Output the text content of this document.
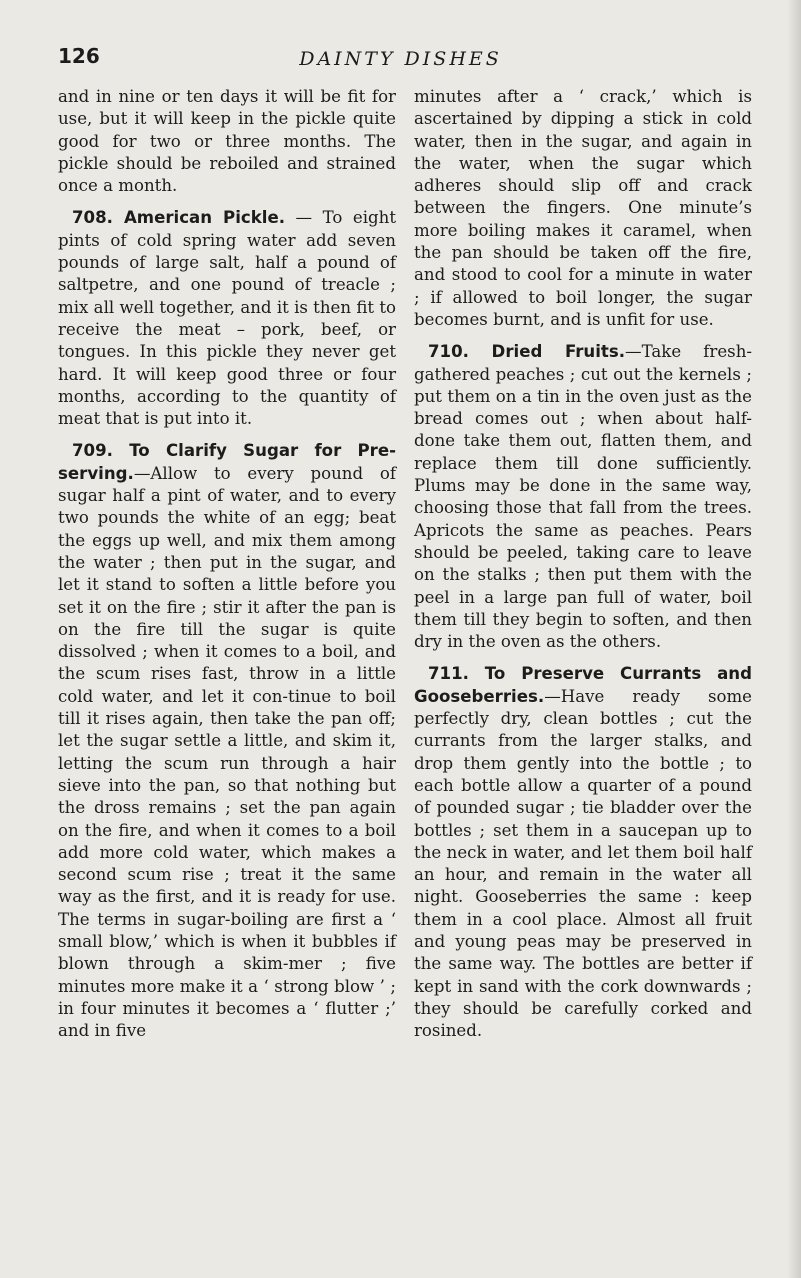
126	DAINTY DISHES

and in nine or ten days it will be fit for use, but it will keep in the pickle quite good for two or three months. The pickle should be reboiled and strained once a month.

708. American Pickle. — To eight pints of cold spring water add seven pounds of large salt, half a pound of saltpetre, and one pound of treacle ; mix all well together, and it is then fit to receive the meat – pork, beef, or tongues. In this pickle they never get hard. It will keep good three or four months, according to the quantity of meat that is put into it.

709. To Clarify Sugar for Pre-serving.—Allow to every pound of sugar half a pint of water, and to every two pounds the white of an egg; beat the eggs up well, and mix them among the water ; then put in the sugar, and let it stand to soften a little before you set it on the fire ; stir it after the pan is on the fire till the sugar is quite dissolved ; when it comes to a boil, and the scum rises fast, throw in a little cold water, and let it con-tinue to boil till it rises again, then take the pan off; let the sugar settle a little, and skim it, letting the scum run through a hair sieve into the pan, so that nothing but the dross remains ; set the pan again on the fire, and when it comes to a boil add more cold water, which makes a second scum rise ; treat it the same way as the first, and it is ready for use. The terms in sugar-boiling are first a ‘ small blow,’ which is when it bubbles if blown through a skim-mer ; five minutes more make it a ‘ strong blow ’ ; in four minutes it becomes a ‘ flutter ;’ and in five

minutes after a ‘ crack,’ which is ascertained by dipping a stick in cold water, then in the sugar, and again in the water, when the sugar which adheres should slip off and crack between the fingers. One minute’s more boiling makes it caramel, when the pan should be taken off the fire, and stood to cool for a minute in water ; if allowed to boil longer, the sugar becomes burnt, and is unfit for use.

710. Dried Fruits.—Take fresh-gathered peaches ; cut out the kernels ; put them on a tin in the oven just as the bread comes out ; when about half-done take them out, flatten them, and replace them till done sufficiently. Plums may be done in the same way, choosing those that fall from the trees. Apricots the same as peaches. Pears should be peeled, taking care to leave on the stalks ; then put them with the peel in a large pan full of water, boil them till they begin to soften, and then dry in the oven as the others.

711. To Preserve Currants and Gooseberries.—Have ready some perfectly dry, clean bottles ; cut the currants from the larger stalks, and drop them gently into the bottle ; to each bottle allow a quarter of a pound of pounded sugar ; tie bladder over the bottles ; set them in a saucepan up to the neck in water, and let them boil half an hour, and remain in the water all night. Gooseberries the same : keep them in a cool place. Almost all fruit and young peas may be preserved in the same way. The bottles are better if kept in sand with the cork downwards ; they should be carefully corked and rosined.
